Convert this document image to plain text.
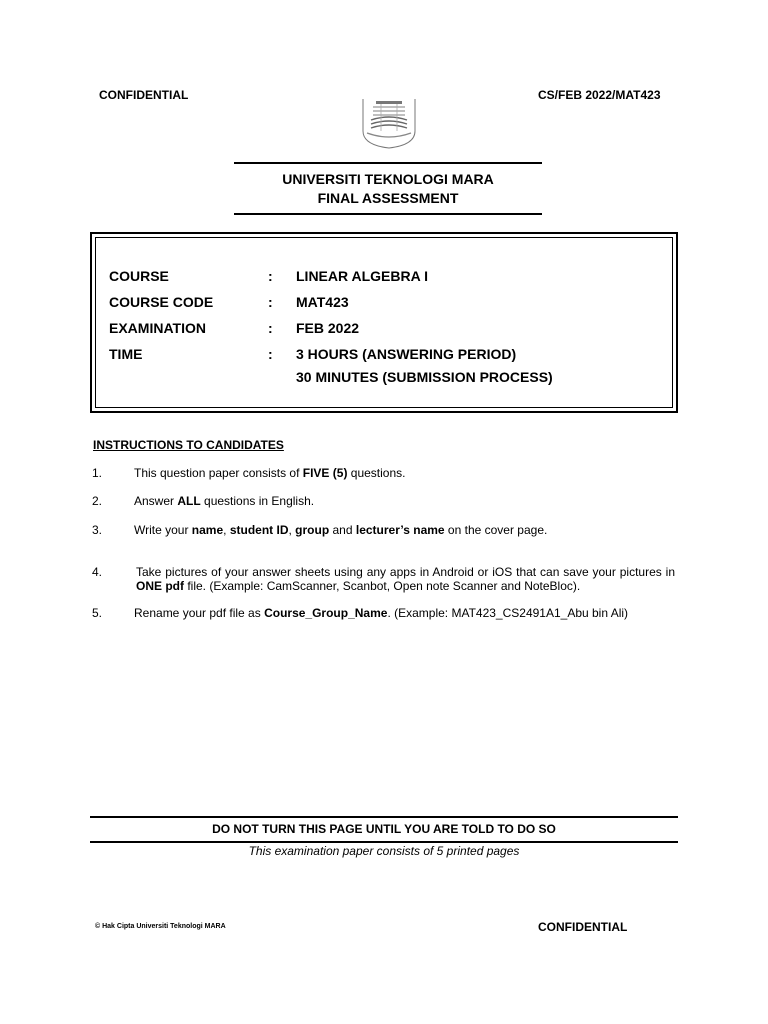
CONFIDENTIAL	CS/FEB 2022/MAT423
UNIVERSITI TEKNOLOGI MARA
FINAL ASSESSMENT
COURSE	: LINEAR ALGEBRA I
COURSE CODE	: MAT423
EXAMINATION	: FEB 2022
TIME	: 3 HOURS (ANSWERING PERIOD)
30 MINUTES (SUBMISSION PROCESS)
INSTRUCTIONS TO CANDIDATES
1.	This question paper consists of FIVE (5) questions.
2.	Answer ALL questions in English.
3.	Write your name, student ID, group and lecturer’s name on the cover page.
4.	Take pictures of your answer sheets using any apps in Android or iOS that can save your pictures in ONE pdf file. (Example: CamScanner, Scanbot, Open note Scanner and NoteBloc).
5.	Rename your pdf file as Course_Group_Name. (Example: MAT423_CS2491A1_Abu bin Ali)
DO NOT TURN THIS PAGE UNTIL YOU ARE TOLD TO DO SO
This examination paper consists of 5 printed pages
© Hak Cipta Universiti Teknologi MARA	CONFIDENTIAL
